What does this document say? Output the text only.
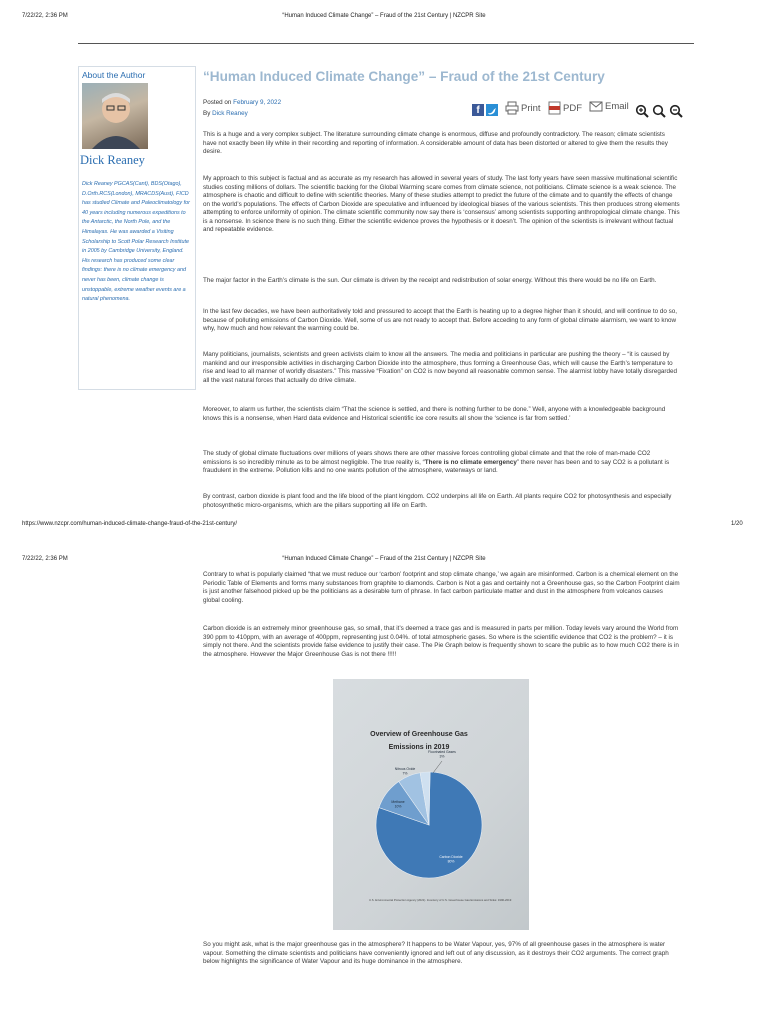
7/22/22, 2:36 PM	“Human Induced Climate Change” – Fraud of the 21st Century | NZCPR Site
About the Author
Dick Reaney
Dick Reaney PGCAS(Cant), BDS(Otago), D.Orth.RCS(London), MRACDS(Aust), FICD has studied Climate and Paleoclimatology for 40 years including numerous expeditions to the Antarctic, the North Pole, and the Himalayas. He was awarded a Visiting Scholarship to Scott Polar Research Institute in 2005 by Cambridge University, England. His research has produced some clear findings: there is no climate emergency and never has been, climate change is unstoppable, extreme weather events are a natural phenomena.
“Human Induced Climate Change” – Fraud of the 21st Century
Posted on February 9, 2022
By Dick Reaney	f	Print PDF Email

This is a huge and a very complex subject. The literature surrounding climate change is enormous, diffuse and profoundly contradictory. The reason; climate scientists have not exactly been lily white in their recording and reporting of information. A considerable amount of data has been distorted or altered to give them the results they desire.

My approach to this subject is factual and as accurate as my research has allowed in several years of study. The last forty years have seen massive multinational scientific studies costing millions of dollars. The scientific backing for the Global Warming scare comes from climate science, not politicians. Climate science is a weak science. The atmosphere is chaotic and difficult to define with scientific theories. Many of these studies attempt to predict the future of the climate and to quantify the effects of change on the world’s populations. The effects of Carbon Dioxide are speculative and influenced by ideological biases of the various scientists. This then produces strong elements attempting to enforce uniformity of opinion. The climate scientific community now say there is ‘consensus’ among scientists supporting anthropological climate change. This is a nonsense. In science there is no such thing. Either the scientific evidence proves the hypothesis or it doesn’t. The opinion of the scientists is irrelevant without factual and repeatable evidence.

The major factor in the Earth’s climate is the sun. Our climate is driven by the receipt and redistribution of solar energy. Without this there would be no life on Earth.

In the last few decades, we have been authoritatively told and pressured to accept that the Earth is heating up to a degree higher than it should, and will continue to do so, because of polluting emissions of Carbon Dioxide. Well, some of us are not ready to accept that. Before acceding to any form of global climate alarmism, we want to know why, how much and how relevant the warming could be.

Many politicians, journalists, scientists and green activists claim to know all the answers. The media and politicians in particular are pushing the theory – “it is caused by mankind and our irresponsible activities in discharging Carbon Dioxide into the atmosphere, thus forming a Greenhouse Gas, which will cause the Earth’s temperature to rise and lead to all manner of worldly disasters.” This massive “Fixation” on CO2 is now beyond all reasonable common sense. The alarmist lobby have totally disregarded all the vast natural forces that actually do drive climate.

Moreover, to alarm us further, the scientists claim “That the science is settled, and there is nothing further to be done.” Well, anyone with a knowledgeable background knows this is a nonsense, when Hard data evidence and Historical scientific ice core results all show the ‘science is far from settled.’

The study of global climate fluctuations over millions of years shows there are other massive forces controlling global climate and that the role of man-made CO2 emissions is so incredibly minute as to be almost negligible. The true reality is, “There is no climate emergency” there never has been and to say CO2 is a pollutant is fraudulent in the extreme. Pollution kills and no one wants pollution of the atmosphere, waterways or land.

By contrast, carbon dioxide is plant food and the life blood of the plant kingdom. CO2 underpins all life on Earth. All plants require CO2 for photosynthesis and especially photosynthetic micro-organisms, which are the pillars supporting all life on Earth.

https://www.nzcpr.com/human-induced-climate-change-fraud-of-the-21st-century/	1/20
7/22/22, 2:36 PM	“Human Induced Climate Change” – Fraud of the 21st Century | NZCPR Site

Contrary to what is popularly claimed “that we must reduce our ‘carbon’ footprint and stop climate change,’ we again are misinformed. Carbon is a chemical element on the Periodic Table of Elements and forms many substances from graphite to diamonds. Carbon is Not a gas and certainly not a Greenhouse gas, so the Carbon Footprint claim is just another falsehood picked up be the politicians as a desirable turn of phrase. In fact carbon particulate matter and dust in the atmosphere from volcanos causes global cooling.

Carbon dioxide is an extremely minor greenhouse gas, so small, that it’s deemed a trace gas and is measured in parts per million. Today levels vary around the World from 390 ppm to 410ppm, with an average of 400ppm, representing just 0.04%. of total atmospheric gases. So where is the scientific evidence that CO2 is the problem? – it is simply not there. And the scientists provide false evidence to justify their case. The Pie Graph below is frequently shown to scare the public as to how much CO2 there is in the atmosphere. However the Major Greenhouse Gas is not there !!!!!

Overview of Greenhouse Gas
Emissions in 2019
Carbon Dioxide
80%
Methane
10%
Nitrous Oxide
7%
Fluorinated Gases
3%
U.S. Environmental Protection Agency (2021). Inventory of U.S. Greenhouse Gas Emissions and Sinks: 1990-2019

So you might ask, what is the major greenhouse gas in the atmosphere? It happens to be Water Vapour, yes, 97% of all greenhouse gases in the atmosphere is water vapour. Something the climate scientists and politicians have conveniently ignored and left out of any discussion, as it destroys their CO2 arguments. The correct graph below highlights the significance of Water Vapour and its huge dominance in the atmosphere.
